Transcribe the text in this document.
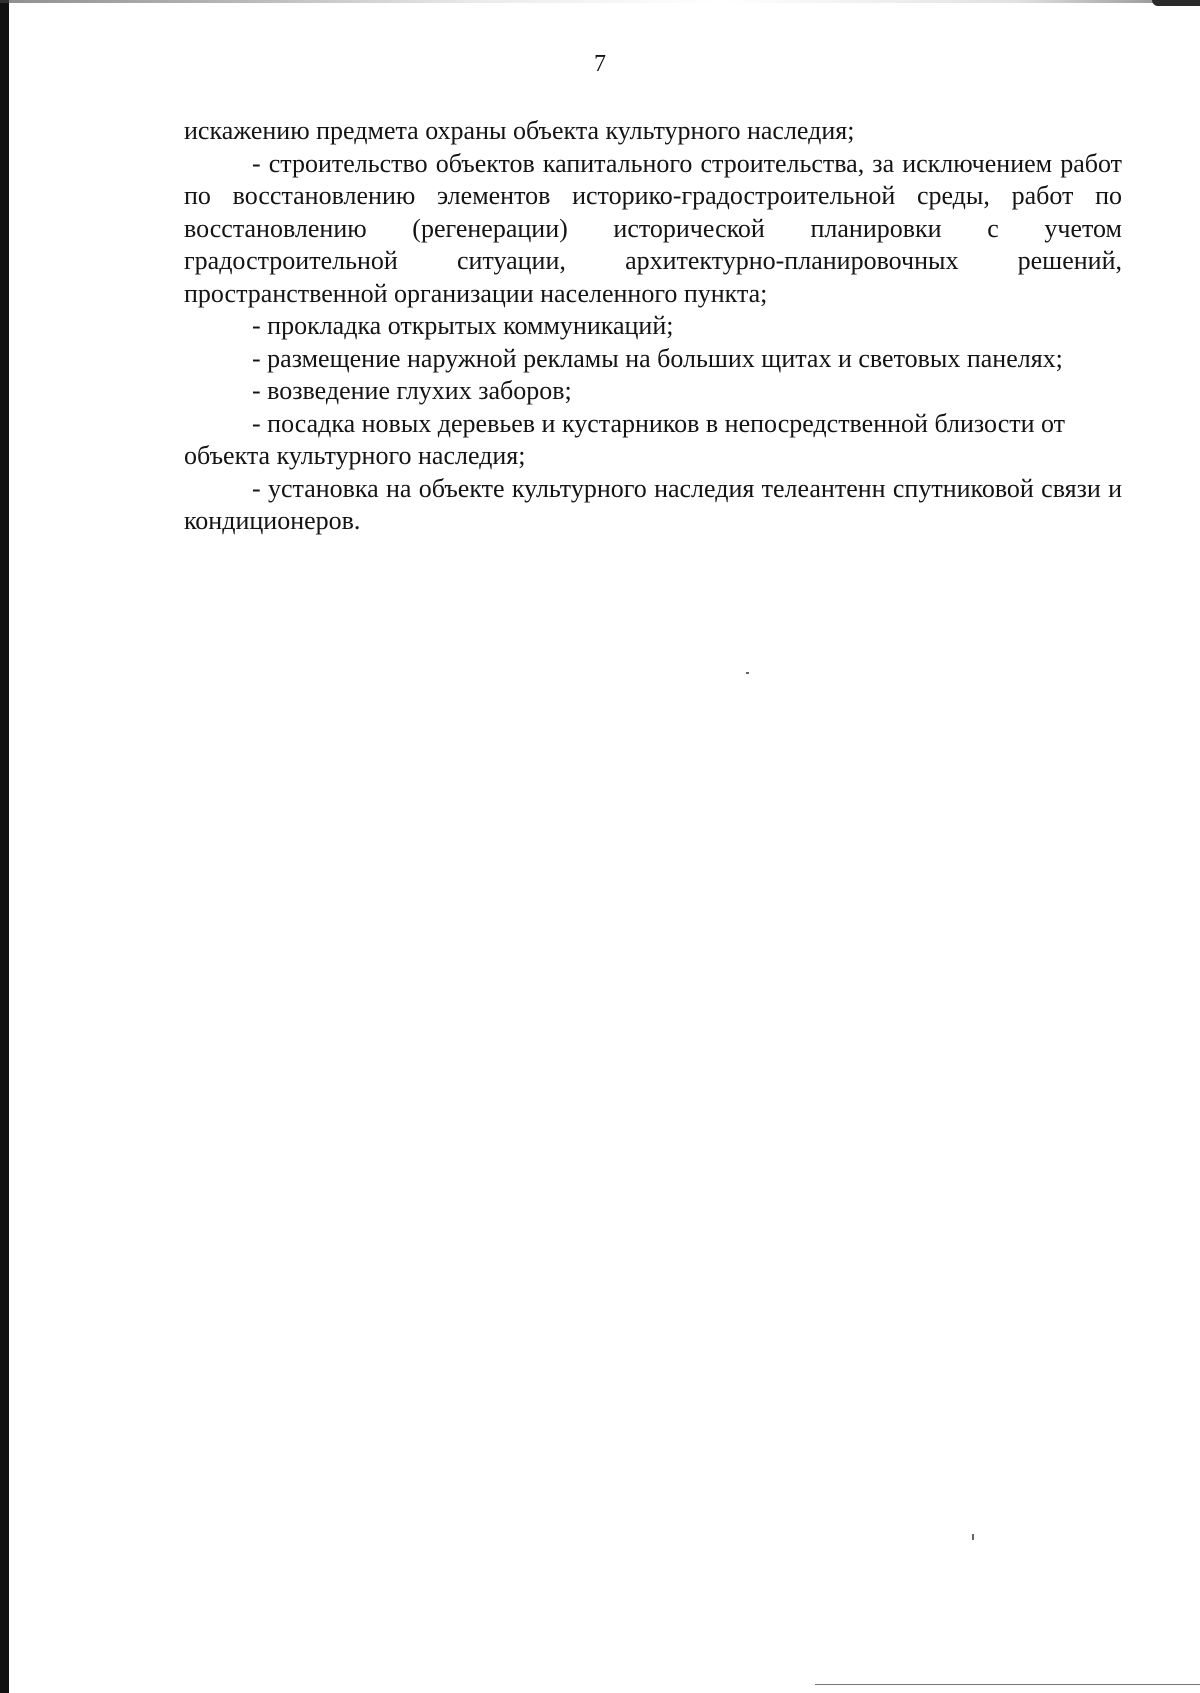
7

искажению предмета охраны объекта культурного наследия;

- строительство объектов капитального строительства, за исключением работ по восстановлению элементов историко-градостроительной среды, работ по восстановлению (регенерации) исторической планировки с учетом градостроительной ситуации, архитектурно-планировочных решений, пространственной организации населенного пункта;

- прокладка открытых коммуникаций;

- размещение наружной рекламы на больших щитах и световых панелях;

- возведение глухих заборов;

- посадка новых деревьев и кустарников в непосредственной близости от объекта культурного наследия;

- установка на объекте культурного наследия телеантенн спутниковой связи и кондиционеров.
